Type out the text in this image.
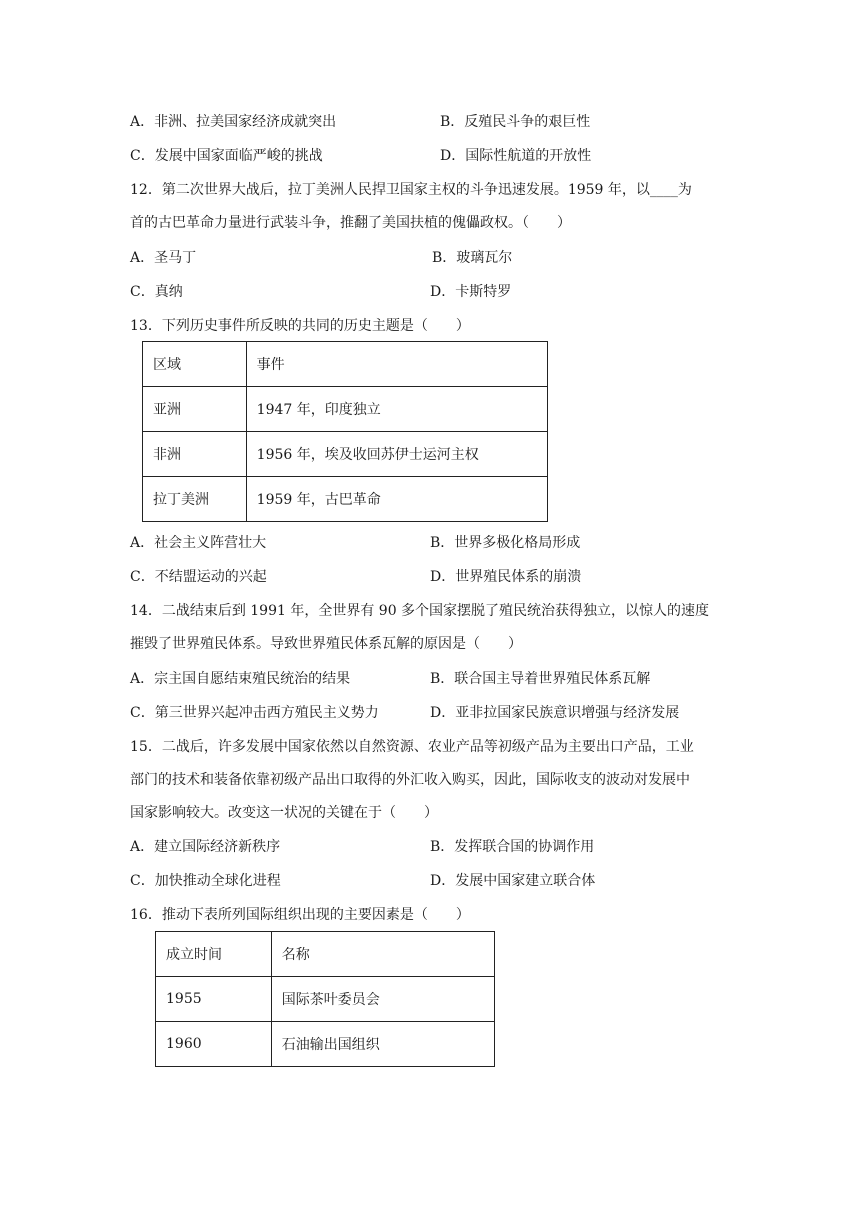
A．非洲、拉美国家经济成就突出	B．反殖民斗争的艰巨性
C．发展中国家面临严峻的挑战	D．国际性航道的开放性
12．第二次世界大战后，拉丁美洲人民捍卫国家主权的斗争迅速发展。1959 年，以____为
首的古巴革命力量进行武装斗争，推翻了美国扶植的傀儡政权。（　　）
A．圣马丁	B．玻璃瓦尔
C．真纳	D．卡斯特罗
13．下列历史事件所反映的共同的历史主题是（　　）
区域	事件
亚洲	1947 年，印度独立
非洲	1956 年，埃及收回苏伊士运河主权
拉丁美洲	1959 年，古巴革命
A．社会主义阵营壮大	B．世界多极化格局形成
C．不结盟运动的兴起	D．世界殖民体系的崩溃
14．二战结束后到 1991 年，全世界有 90 多个国家摆脱了殖民统治获得独立，以惊人的速度
摧毁了世界殖民体系。导致世界殖民体系瓦解的原因是（　　）
A．宗主国自愿结束殖民统治的结果	B．联合国主导着世界殖民体系瓦解
C．第三世界兴起冲击西方殖民主义势力	D．亚非拉国家民族意识增强与经济发展
15．二战后，许多发展中国家依然以自然资源、农业产品等初级产品为主要出口产品，工业
部门的技术和装备依靠初级产品出口取得的外汇收入购买，因此，国际收支的波动对发展中
国家影响较大。改变这一状况的关键在于（　　）
A．建立国际经济新秩序	B．发挥联合国的协调作用
C．加快推动全球化进程	D．发展中国家建立联合体
16．推动下表所列国际组织出现的主要因素是（　　）
成立时间	名称
1955	国际茶叶委员会
1960	石油输出国组织
